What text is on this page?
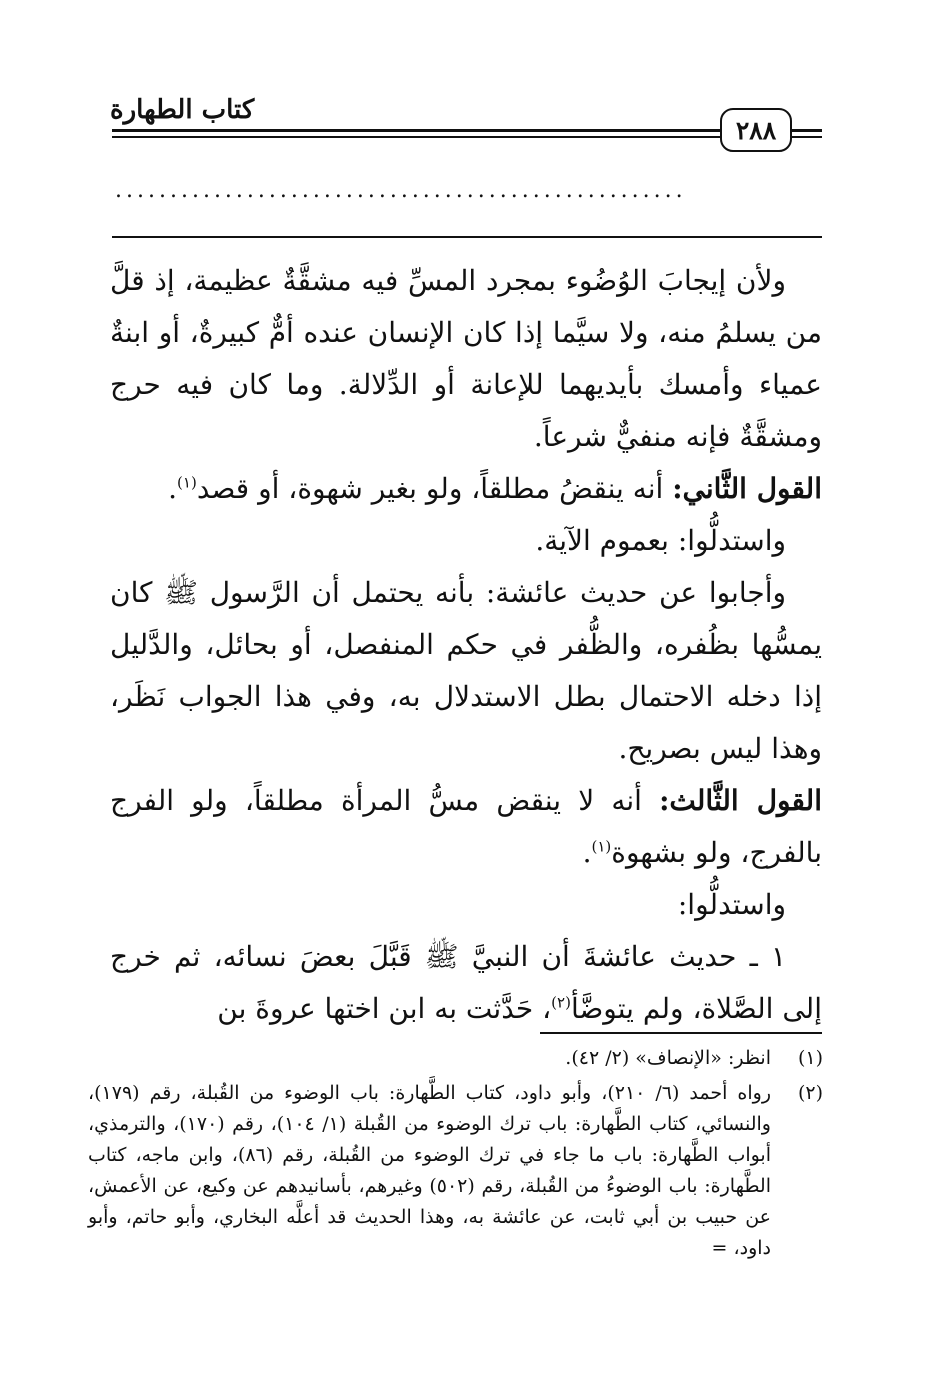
كتاب الطهارة
٢٨٨
....................................................

ولأن إيجابَ الوُضُوء بمجرد المسِّ فيه مشقَّةٌ عظيمة، إذ قلَّ من يسلمُ منه، ولا سيَّما إذا كان الإنسان عنده أمٌّ كبيرةٌ، أو ابنةٌ عمياء وأمسك بأيديهما للإعانة أو الدِّلالة. وما كان فيه حرج ومشقَّةٌ فإنه منفيٌّ شرعاً.

القول الثَّاني: أنه ينقضُ مطلقاً، ولو بغير شهوة، أو قصد$^{(١)}$.

واستدلُّوا: بعموم الآية.

وأجابوا عن حديث عائشة: بأنه يحتمل أن الرَّسول ﷺ كان يمسُّها بظُفره، والظُّفر في حكم المنفصل، أو بحائل، والدَّليل إذا دخله الاحتمال بطل الاستدلال به، وفي هذا الجواب نَظَر، وهذا ليس بصريح.

القول الثَّالث: أنه لا ينقض مسُّ المرأة مطلقاً، ولو الفرج بالفرج، ولو بشهوة$^{(١)}$.

واستدلُّوا:

١ ـ حديث عائشةَ أن النبيَّ ﷺ قَبَّلَ بعضَ نسائه، ثم خرج إلى الصَّلاة، ولم يتوضَّأ$^{(٢)}$، حَدَّثت به ابن اختها عروةَ بن

(١)
انظر: «الإنصاف» (٢/ ٤٢).
(٢)
رواه أحمد (٦/ ٢١٠)، وأبو داود، كتاب الطَّهارة: باب الوضوء من القُبلة، رقم (١٧٩)، والنسائي، كتاب الطَّهارة: باب ترك الوضوء من القُبلة (١/ ١٠٤)، رقم (١٧٠)، والترمذي، أبواب الطَّهارة: باب ما جاء في ترك الوضوء من القُبلة، رقم (٨٦)، وابن ماجه، كتاب الطَّهارة: باب الوضوءُ من القُبلة، رقم (٥٠٢) وغيرهم، بأسانيدهم عن وكيع، عن الأعمش، عن حبيب بن أبي ثابت، عن عائشة به، وهذا الحديث قد أعلَّه البخاري، وأبو حاتم، وأبو داود، =
